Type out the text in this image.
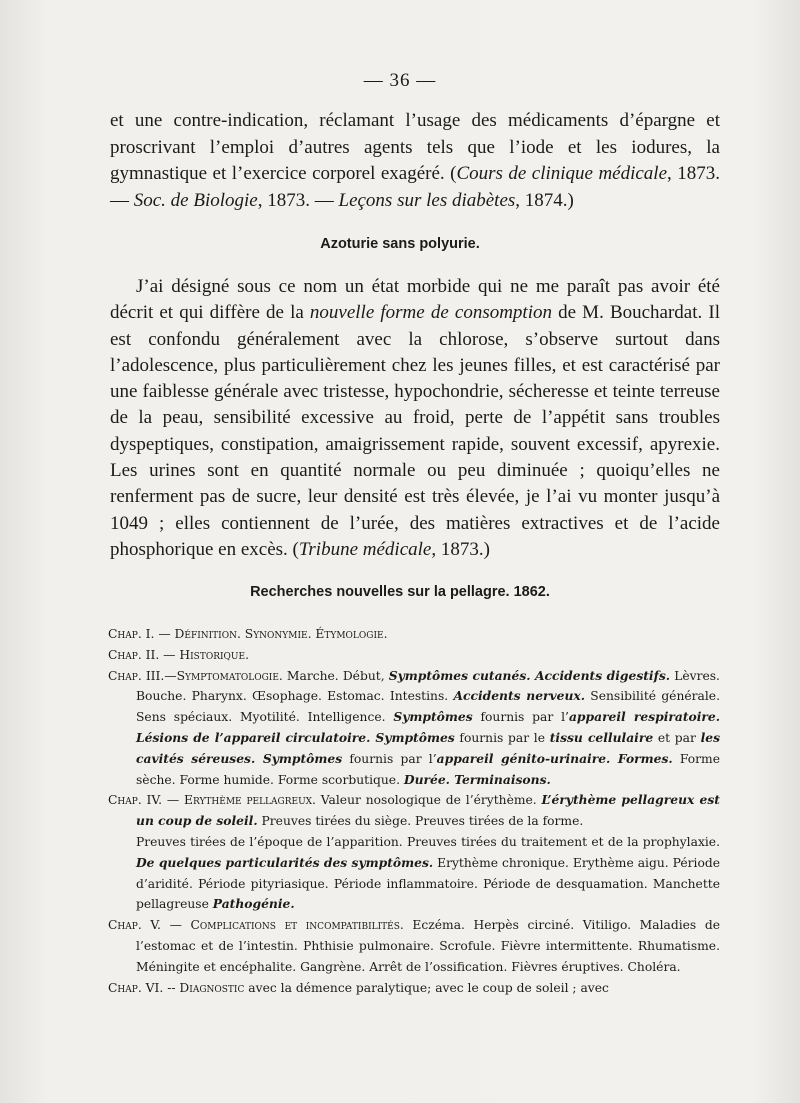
— 36 —
et une contre-indication, réclamant l’usage des médicaments d’épargne et proscrivant l’emploi d’autres agents tels que l’iode et les iodures, la gymnastique et l’exercice corporel exagéré. (Cours de clinique médicale, 1873. — Soc. de Biologie, 1873. — Leçons sur les diabètes, 1874.)
Azoturie sans polyurie.
J’ai désigné sous ce nom un état morbide qui ne me paraît pas avoir été décrit et qui diffère de la nouvelle forme de consomption de M. Bouchardat. Il est confondu généralement avec la chlorose, s’observe surtout dans l’adolescence, plus particulièrement chez les jeunes filles, et est caractérisé par une faiblesse générale avec tristesse, hypochondrie, sécheresse et teinte terreuse de la peau, sensibilité excessive au froid, perte de l’appétit sans troubles dyspeptiques, constipation, amaigrissement rapide, souvent excessif, apyrexie. Les urines sont en quantité normale ou peu diminuée ; quoiqu’elles ne renferment pas de sucre, leur densité est très élevée, je l’ai vu monter jusqu’à 1049 ; elles contiennent de l’urée, des matières extractives et de l’acide phosphorique en excès. (Tribune médicale, 1873.)
Recherches nouvelles sur la pellagre. 1862.
Chap. I. — Définition. Synonymie. Étymologie.
Chap. II. — Historique.
Chap. III.—Symptomatologie. Marche. Début, Symptômes cutanés. Accidents digestifs. Lèvres. Bouche. Pharynx. Œsophage. Estomac. Intestins. Accidents nerveux. Sensibilité générale. Sens spéciaux. Myotilité. Intelligence. Symptômes fournis par l’appareil respiratoire. Lésions de l’appareil circulatoire. Symptômes fournis par le tissu cellulaire et par les cavités séreuses. Symptômes fournis par l’appareil génito-urinaire. Formes. Forme sèche. Forme humide. Forme scorbutique. Durée. Terminaisons.
Chap. IV. — Erythème pellagreux. Valeur nosologique de l’érythème. L’érythème pellagreux est un coup de soleil. Preuves tirées du siège. Preuves tirées de la forme.
Preuves tirées de l’époque de l’apparition. Preuves tirées du traitement et de la prophylaxie. De quelques particularités des symptômes. Erythème chronique. Erythème aigu. Période d’aridité. Période pityriasique. Période inflammatoire. Période de desquamation. Manchette pellagreuse Pathogénie.
Chap. V. — Complications et incompatibilités. Eczéma. Herpès circiné. Vitiligo. Maladies de l’estomac et de l’intestin. Phthisie pulmonaire. Scrofule. Fièvre intermittente. Rhumatisme. Méningite et encéphalite. Gangrène. Arrêt de l’ossification. Fièvres éruptives. Choléra.
Chap. VI. -- Diagnostic avec la démence paralytique; avec le coup de soleil ; avec
